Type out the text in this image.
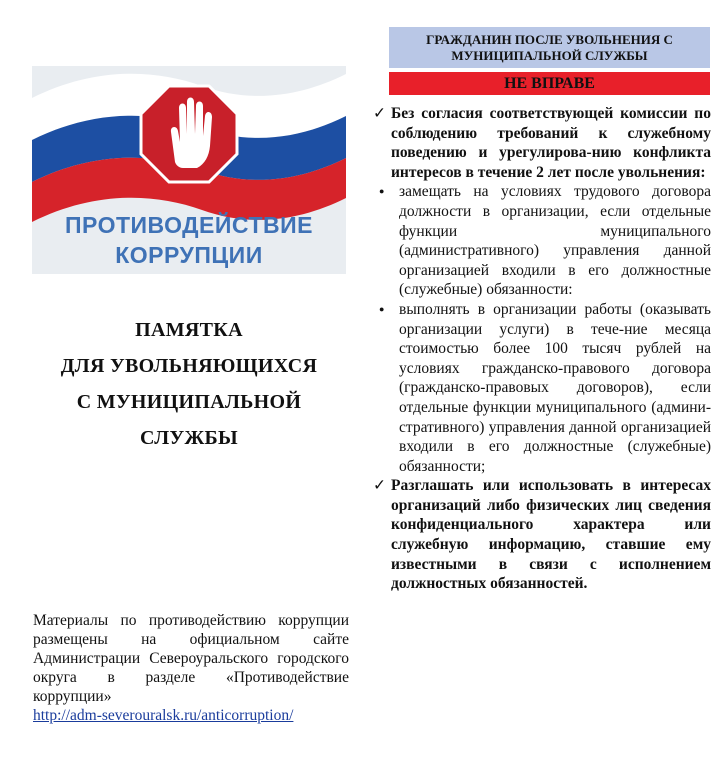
ПРОТИВОДЕЙСТВИЕ
КОРРУПЦИИ
ПАМЯТКА
ДЛЯ УВОЛЬНЯЮЩИХСЯ
С МУНИЦИПАЛЬНОЙ
СЛУЖБЫ
Материалы по противодействию коррупции размещены на официальном сайте Администрации Североуральского городского округа в разделе «Противодействие коррупции»
http://adm-severouralsk.ru/anticorruption/
ГРАЖДАНИН ПОСЛЕ УВОЛЬНЕНИЯ С МУНИЦИПАЛЬНОЙ СЛУЖБЫ
НЕ ВПРАВЕ
✓ Без согласия соответствующей комиссии по соблюдению требований к служебному поведению и урегулирова-нию конфликта интересов в течение 2 лет после увольнения:
● замещать на условиях трудового договора должности в организации, если отдельные функции муниципального (административного) управления данной организацией входили в его должностные (служебные) обязанности:
● выполнять в организации работы (оказывать организации услуги) в тече-ние месяца стоимостью более 100 тысяч рублей на условиях гражданско-правового договора (гражданско-правовых договоров), если отдельные функции муниципального (админи-стративного) управления данной организацией входили в его должностные (служебные) обязанности;
✓ Разглашать или использовать в интересах организаций либо физических лиц сведения конфиденциального характера или служебную информацию, ставшие ему известными в связи с исполнением должностных обязанностей.
